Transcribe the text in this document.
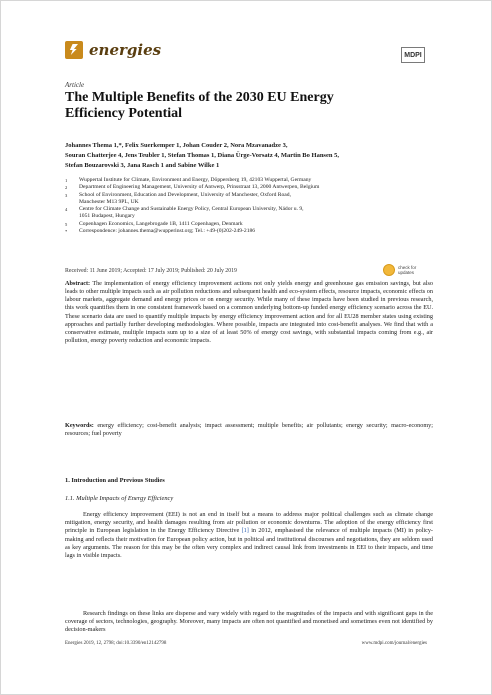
energies	MDPI
Article
The Multiple Benefits of the 2030 EU Energy Efficiency Potential
Johannes Thema 1,*, Felix Suerkemper 1, Johan Couder 2, Nora Mzavanadze 3,
Souran Chatterjee 4, Jens Teubler 1, Stefan Thomas 1, Diana Ürge-Vorsatz 4, Martin Bo Hansen 5,
Stefan Bouzarovski 3, Jana Rasch 1 and Sabine Wilke 1
1	Wuppertal Institute for Climate, Environment and Energy, Döppersberg 19, 42103 Wuppertal, Germany
2	Department of Engineering Management, University of Antwerp, Prinsstraat 13, 2000 Antwerpen, Belgium
3	School of Environment, Education and Development, University of Manchester, Oxford Road,
Manchester M13 9PL, UK
4	Centre for Climate Change and Sustainable Energy Policy, Central European University, Nádor u. 9,
1051 Budapest, Hungary
5	Copenhagen Economics, Langebrogade 1B, 1411 Copenhagen, Denmark
*	Correspondence: johannes.thema@wupperinst.org; Tel.: +49-(0)202-249-2186
Received: 11 June 2019; Accepted: 17 July 2019; Published: 20 July 2019
check for
updates
Abstract: The implementation of energy efficiency improvement actions not only yields energy and greenhouse gas emission savings, but also leads to other multiple impacts such as air pollution reductions and subsequent health and eco-system effects, resource impacts, economic effects on labour markets, aggregate demand and energy prices or on energy security. While many of these impacts have been studied in previous research, this work quantifies them in one consistent framework based on a common underlying bottom-up funded energy efficiency scenario across the EU. These scenario data are used to quantify multiple impacts by energy efficiency improvement action and for all EU28 member states using existing approaches and partially further developing methodologies. Where possible, impacts are integrated into cost-benefit analyses. We find that with a conservative estimate, multiple impacts sum up to a size of at least 50% of energy cost savings, with substantial impacts coming from e.g., air pollution, energy poverty reduction and economic impacts.
Keywords: energy efficiency; cost-benefit analysis; impact assessment; multiple benefits; air pollutants; energy security; macro-economy; resources; fuel poverty
1. Introduction and Previous Studies
1.1. Multiple Impacts of Energy Efficiency
Energy efficiency improvement (EEI) is not an end in itself but a means to address major political challenges such as climate change mitigation, energy security, and health damages resulting from air pollution or economic downturns. The adoption of the energy efficiency first principle in European legislation in the Energy Efficiency Directive [1] in 2012, emphasised the relevance of multiple impacts (MI) in policy-making and reflects their motivation for European policy action, but in political and institutional discourses and negotiations, they are seldom used as key arguments. The reason for this may be the often very complex and indirect causal link from investments in EEI to their impacts, and time lags in visible impacts.
Research findings on these links are disperse and vary widely with regard to the magnitudes of the impacts and with significant gaps in the coverage of sectors, technologies, geography. Moreover, many impacts are often not quantified and monetised and sometimes even not identified by decision-makers
Energies 2019, 12, 2798; doi:10.3390/en12142798	www.mdpi.com/journal/energies
